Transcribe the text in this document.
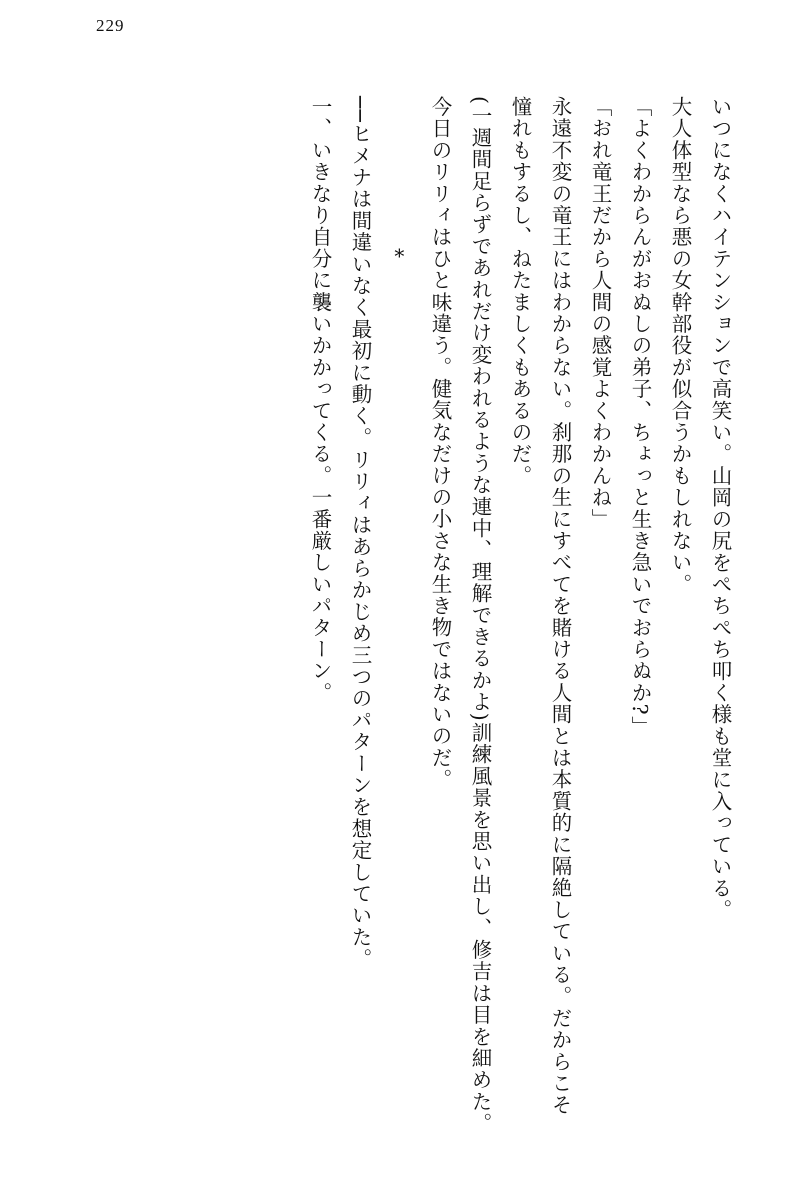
229
いつになくハイテンションで高笑い。
山岡の尻をぺちぺち叩く様も堂に入っている。
大人体型なら悪の女幹部役が似合うかもしれない。
「よくわからんがおぬしの弟子、ちょっと生き急いでおらぬか?」
「おれ竜王だから人間の感覚よくわかんね」
永遠不変の竜王にはわからない。刹那の生にすべてを賭ける人間とは本質的に隔絶している。だからこそ憧れもするし、ねたましくもあるのだ。
(一週間足らずであれだけ変われるような連中、理解できるかよ)
訓練風景を思い出し、修吉は目を細めた。
今日のリリィはひと味違う。
健気なだけの小さな生き物ではないのだ。
*
──ヒメナは間違いなく最初に動く。
リリィはあらかじめ三つのパターンを想定していた。
一、いきなり自分に襲いかかってくる。一番厳しいパターン。
